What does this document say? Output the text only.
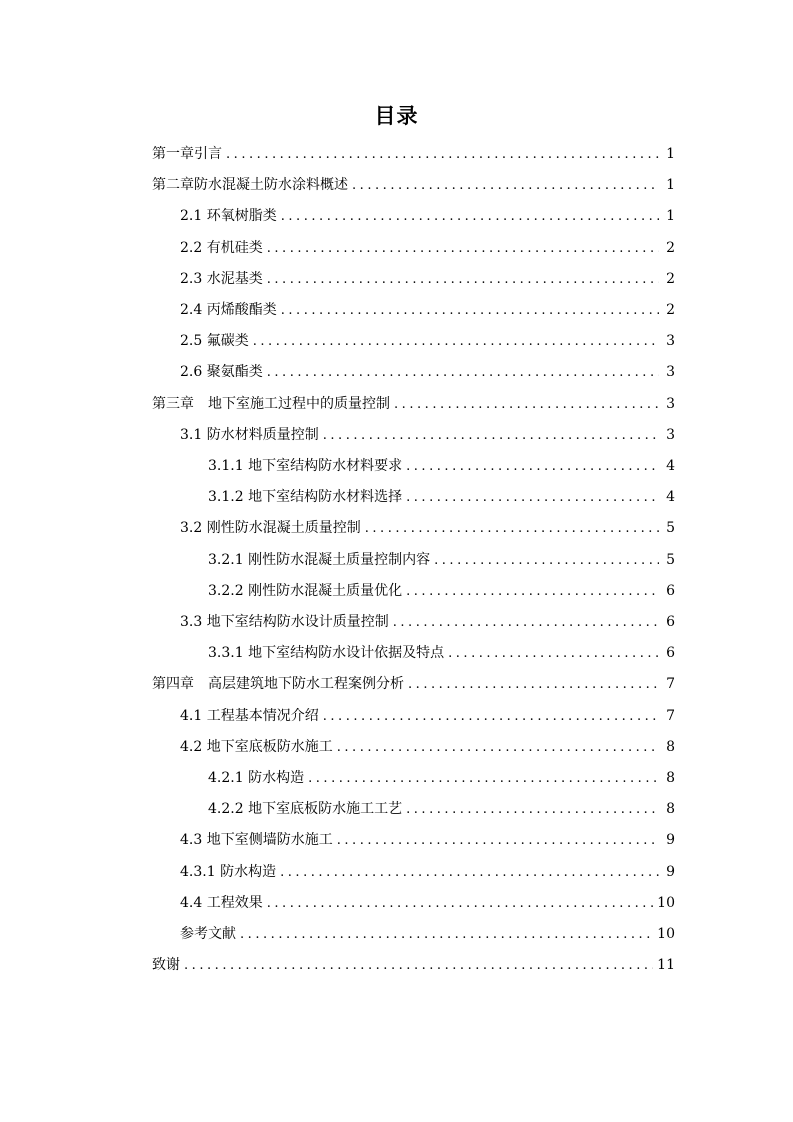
目录
第一章引言 . . .	1
第二章防水混凝土防水涂料概述 . . .	1
2.1 环氧树脂类 . . .	1
2.2 有机硅类 . . .	2
2.3 水泥基类 . . .	2
2.4 丙烯酸酯类 . . .	2
2.5 氟碳类 . . .	3
2.6 聚氨酯类 . . .	3
第三章　地下室施工过程中的质量控制 . . .	3
3.1 防水材料质量控制 . . .	3
3.1.1 地下室结构防水材料要求 . . .	4
3.1.2 地下室结构防水材料选择 . . .	4
3.2 刚性防水混凝土质量控制 . . .	5
3.2.1 刚性防水混凝土质量控制内容 . . .	5
3.2.2 刚性防水混凝土质量优化 . . .	6
3.3 地下室结构防水设计质量控制 . . .	6
3.3.1 地下室结构防水设计依据及特点 . . .	6
第四章　高层建筑地下防水工程案例分析 . . .	7
4.1 工程基本情况介绍 . . .	7
4.2 地下室底板防水施工 . . .	8
4.2.1 防水构造 . . .	8
4.2.2 地下室底板防水施工工艺 . . .	8
4.3 地下室侧墙防水施工 . . .	9
4.3.1 防水构造 . . .	9
4.4 工程效果 . . .	10
参考文献 . . .	10
致谢 . . .	11
